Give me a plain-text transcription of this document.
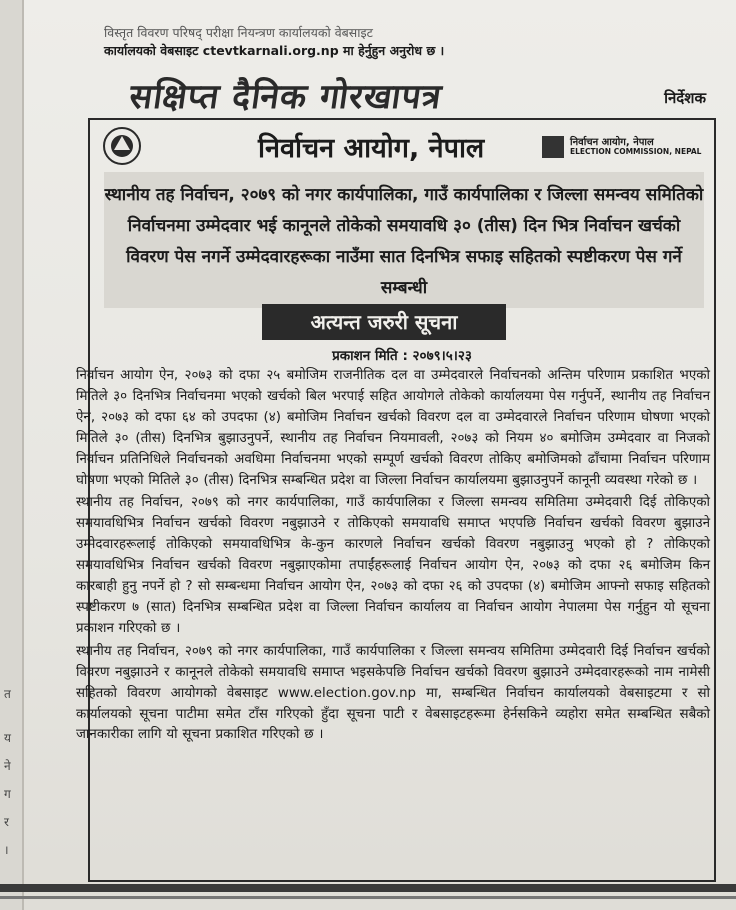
त
य
ने
ग
र
।
विस्तृत विवरण परिषद् परीक्षा नियन्त्रण कार्यालयको वेबसाइट
कार्यालयको वेबसाइट ctevtkarnali.org.np मा हेर्नुहुन अनुरोध छ ।
सक्षिप्त दैनिक गोरखापत्र	निर्देशक
निर्वाचन आयोग, नेपाल	निर्वाचन आयोग, नेपाल
ELECTION COMMISSION, NEPAL
स्थानीय तह निर्वाचन, २०७९ को नगर कार्यपालिका, गाउँ कार्यपालिका र जिल्ला समन्वय समितिको निर्वाचनमा उम्मेदवार भई कानूनले तोकेको समयावधि ३० (तीस) दिन भित्र निर्वाचन खर्चको विवरण पेस नगर्ने उम्मेदवारहरूका नाउँमा सात दिनभित्र सफाइ सहितको स्पष्टीकरण पेस गर्ने सम्बन्धी
अत्यन्त जरुरी सूचना
प्रकाशन मिति : २०७९।५।२३

निर्वाचन आयोग ऐन, २०७३ को दफा २५ बमोजिम राजनीतिक दल वा उम्मेदवारले निर्वाचनको अन्तिम परिणाम प्रकाशित भएको मितिले ३० दिनभित्र निर्वाचनमा भएको खर्चको बिल भरपाई सहित आयोगले तोकेको कार्यालयमा पेस गर्नुपर्ने, स्थानीय तह निर्वाचन ऐन, २०७३ को दफा ६४ को उपदफा (४) बमोजिम निर्वाचन खर्चको विवरण दल वा उम्मेदवारले निर्वाचन परिणाम घोषणा भएको मितिले ३० (तीस) दिनभित्र बुझाउनुपर्ने, स्थानीय तह निर्वाचन नियमावली, २०७३ को नियम ४० बमोजिम उम्मेदवार वा निजको निर्वाचन प्रतिनिधिले निर्वाचनको अवधिमा निर्वाचनमा भएको सम्पूर्ण खर्चको विवरण तोकिए बमोजिमको ढाँचामा निर्वाचन परिणाम घोषणा भएको मितिले ३० (तीस) दिनभित्र सम्बन्धित प्रदेश वा जिल्ला निर्वाचन कार्यालयमा बुझाउनुपर्ने कानूनी व्यवस्था गरेको छ ।

स्थानीय तह निर्वाचन, २०७९ को नगर कार्यपालिका, गाउँ कार्यपालिका र जिल्ला समन्वय समितिमा उम्मेदवारी दिई तोकिएको समयावधिभित्र निर्वाचन खर्चको विवरण नबुझाउने र तोकिएको समयावधि समाप्त भएपछि निर्वाचन खर्चको विवरण बुझाउने उम्मेदवारहरूलाई तोकिएको समयावधिभित्र के-कुन कारणले निर्वाचन खर्चको विवरण नबुझाउनु भएको हो ? तोकिएको समयावधिभित्र निर्वाचन खर्चको विवरण नबुझाएकोमा तपाईंहरूलाई निर्वाचन आयोग ऐन, २०७३ को दफा २६ बमोजिम किन कारबाही हुनु नपर्ने हो ? सो सम्बन्धमा निर्वाचन आयोग ऐन, २०७३ को दफा २६ को उपदफा (४) बमोजिम आफ्नो सफाइ सहितको स्पष्टीकरण ७ (सात) दिनभित्र सम्बन्धित प्रदेश वा जिल्ला निर्वाचन कार्यालय वा निर्वाचन आयोग नेपालमा पेस गर्नुहुन यो सूचना प्रकाशन गरिएको छ ।

स्थानीय तह निर्वाचन, २०७९ को नगर कार्यपालिका, गाउँ कार्यपालिका र जिल्ला समन्वय समितिमा उम्मेदवारी दिई निर्वाचन खर्चको विवरण नबुझाउने र कानूनले तोकेको समयावधि समाप्त भइसकेपछि निर्वाचन खर्चको विवरण बुझाउने उम्मेदवारहरूको नाम नामेसी सहितको विवरण आयोगको वेबसाइट www.election.gov.np मा, सम्बन्धित निर्वाचन कार्यालयको वेबसाइटमा र सो कार्यालयको सूचना पाटीमा समेत टाँस गरिएको हुँदा सूचना पाटी र वेबसाइटहरूमा हेर्नसकिने व्यहोरा समेत सम्बन्धित सबैको जानकारीका लागि यो सूचना प्रकाशित गरिएको छ ।
